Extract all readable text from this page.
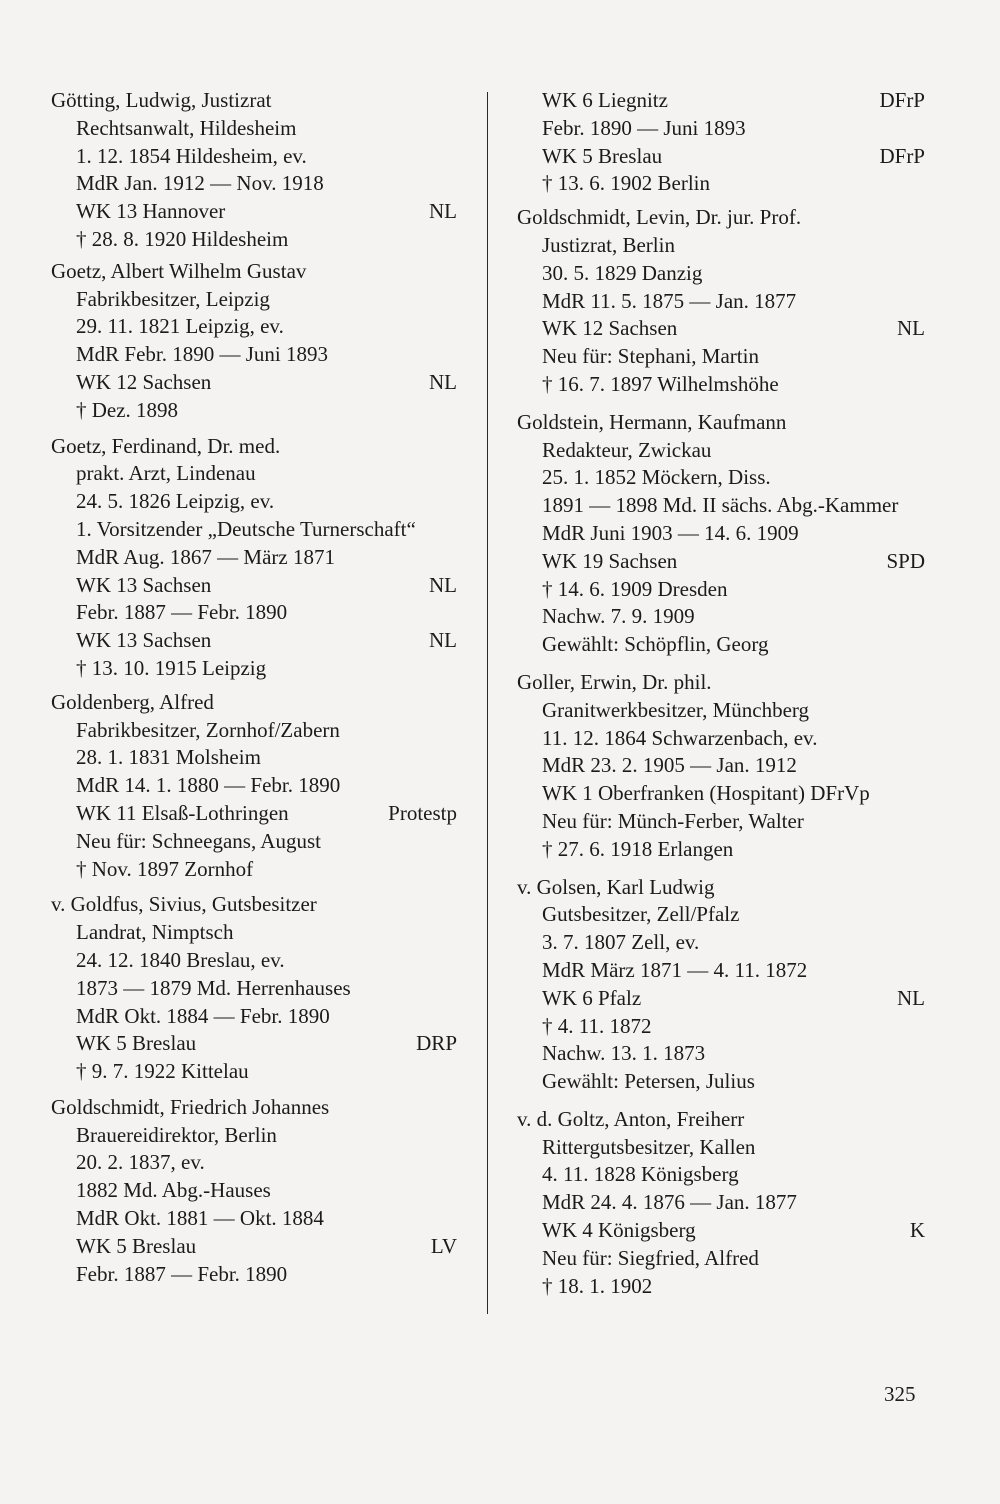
Götting, Ludwig, Justizrat
Rechtsanwalt, Hildesheim
1. 12. 1854 Hildesheim, ev.
MdR Jan. 1912 — Nov. 1918
WK 13 Hannover	NL
† 28. 8. 1920 Hildesheim
Goetz, Albert Wilhelm Gustav
Fabrikbesitzer, Leipzig
29. 11. 1821 Leipzig, ev.
MdR Febr. 1890 — Juni 1893
WK 12 Sachsen	NL
† Dez. 1898
Goetz, Ferdinand, Dr. med.
prakt. Arzt, Lindenau
24. 5. 1826 Leipzig, ev.
1. Vorsitzender „Deutsche Turnerschaft“
MdR Aug. 1867 — März 1871
WK 13 Sachsen	NL
Febr. 1887 — Febr. 1890
WK 13 Sachsen	NL
† 13. 10. 1915 Leipzig
Goldenberg, Alfred
Fabrikbesitzer, Zornhof/Zabern
28. 1. 1831 Molsheim
MdR 14. 1. 1880 — Febr. 1890
WK 11 Elsaß-Lothringen	Protestp
Neu für: Schneegans, August
† Nov. 1897 Zornhof
v. Goldfus, Sivius, Gutsbesitzer
Landrat, Nimptsch
24. 12. 1840 Breslau, ev.
1873 — 1879 Md. Herrenhauses
MdR Okt. 1884 — Febr. 1890
WK 5 Breslau	DRP
† 9. 7. 1922 Kittelau
Goldschmidt, Friedrich Johannes
Brauereidirektor, Berlin
20. 2. 1837, ev.
1882 Md. Abg.-Hauses
MdR Okt. 1881 — Okt. 1884
WK 5 Breslau	LV
Febr. 1887 — Febr. 1890
WK 6 Liegnitz	DFrP
Febr. 1890 — Juni 1893
WK 5 Breslau	DFrP
† 13. 6. 1902 Berlin
Goldschmidt, Levin, Dr. jur. Prof.
Justizrat, Berlin
30. 5. 1829 Danzig
MdR 11. 5. 1875 — Jan. 1877
WK 12 Sachsen	NL
Neu für: Stephani, Martin
† 16. 7. 1897 Wilhelmshöhe
Goldstein, Hermann, Kaufmann
Redakteur, Zwickau
25. 1. 1852 Möckern, Diss.
1891 — 1898 Md. II sächs. Abg.-Kammer
MdR Juni 1903 — 14. 6. 1909
WK 19 Sachsen	SPD
† 14. 6. 1909 Dresden
Nachw. 7. 9. 1909
Gewählt: Schöpflin, Georg
Goller, Erwin, Dr. phil.
Granitwerkbesitzer, Münchberg
11. 12. 1864 Schwarzenbach, ev.
MdR 23. 2. 1905 — Jan. 1912
WK 1 Oberfranken (Hospitant) DFrVp
Neu für: Münch-Ferber, Walter
† 27. 6. 1918 Erlangen
v. Golsen, Karl Ludwig
Gutsbesitzer, Zell/Pfalz
3. 7. 1807 Zell, ev.
MdR März 1871 — 4. 11. 1872
WK 6 Pfalz	NL
† 4. 11. 1872
Nachw. 13. 1. 1873
Gewählt: Petersen, Julius
v. d. Goltz, Anton, Freiherr
Rittergutsbesitzer, Kallen
4. 11. 1828 Königsberg
MdR 24. 4. 1876 — Jan. 1877
WK 4 Königsberg	K
Neu für: Siegfried, Alfred
† 18. 1. 1902
325
